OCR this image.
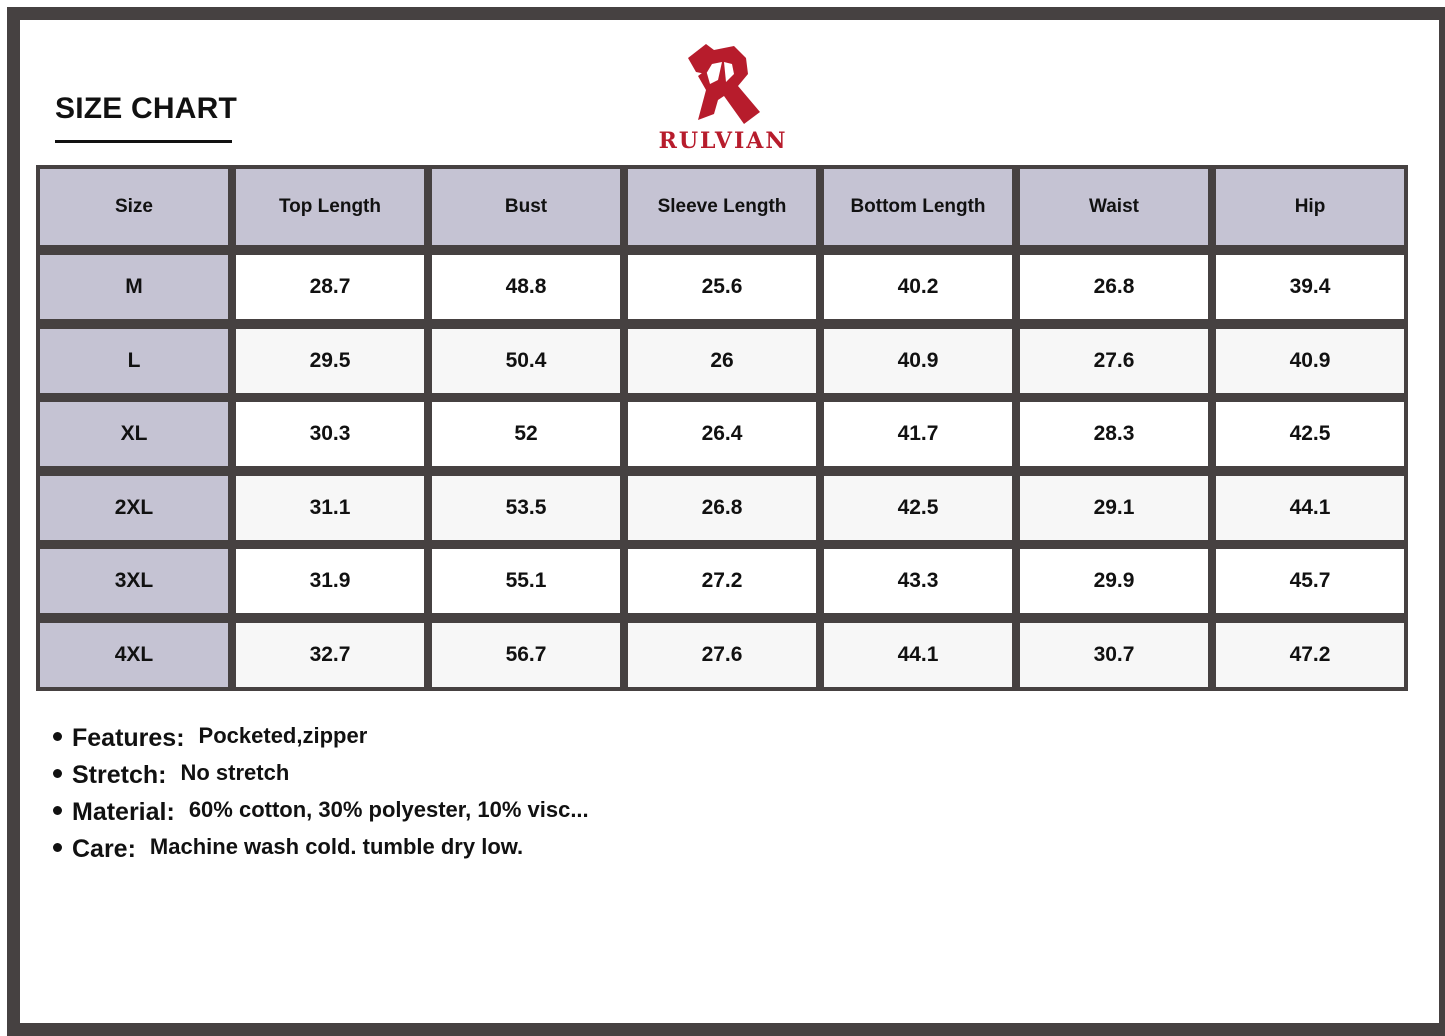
SIZE CHART
RULVIAN
Size	Top Length	Bust	Sleeve Length	Bottom Length	Waist	Hip
M	28.7	48.8	25.6	40.2	26.8	39.4
L	29.5	50.4	26	40.9	27.6	40.9
XL	30.3	52	26.4	41.7	28.3	42.5
2XL	31.1	53.5	26.8	42.5	29.1	44.1
3XL	31.9	55.1	27.2	43.3	29.9	45.7
4XL	32.7	56.7	27.6	44.1	30.7	47.2
Features: Pocketed,zipper
Stretch: No stretch
Material: 60% cotton, 30% polyester, 10% visc...
Care: Machine wash cold. tumble dry low.
